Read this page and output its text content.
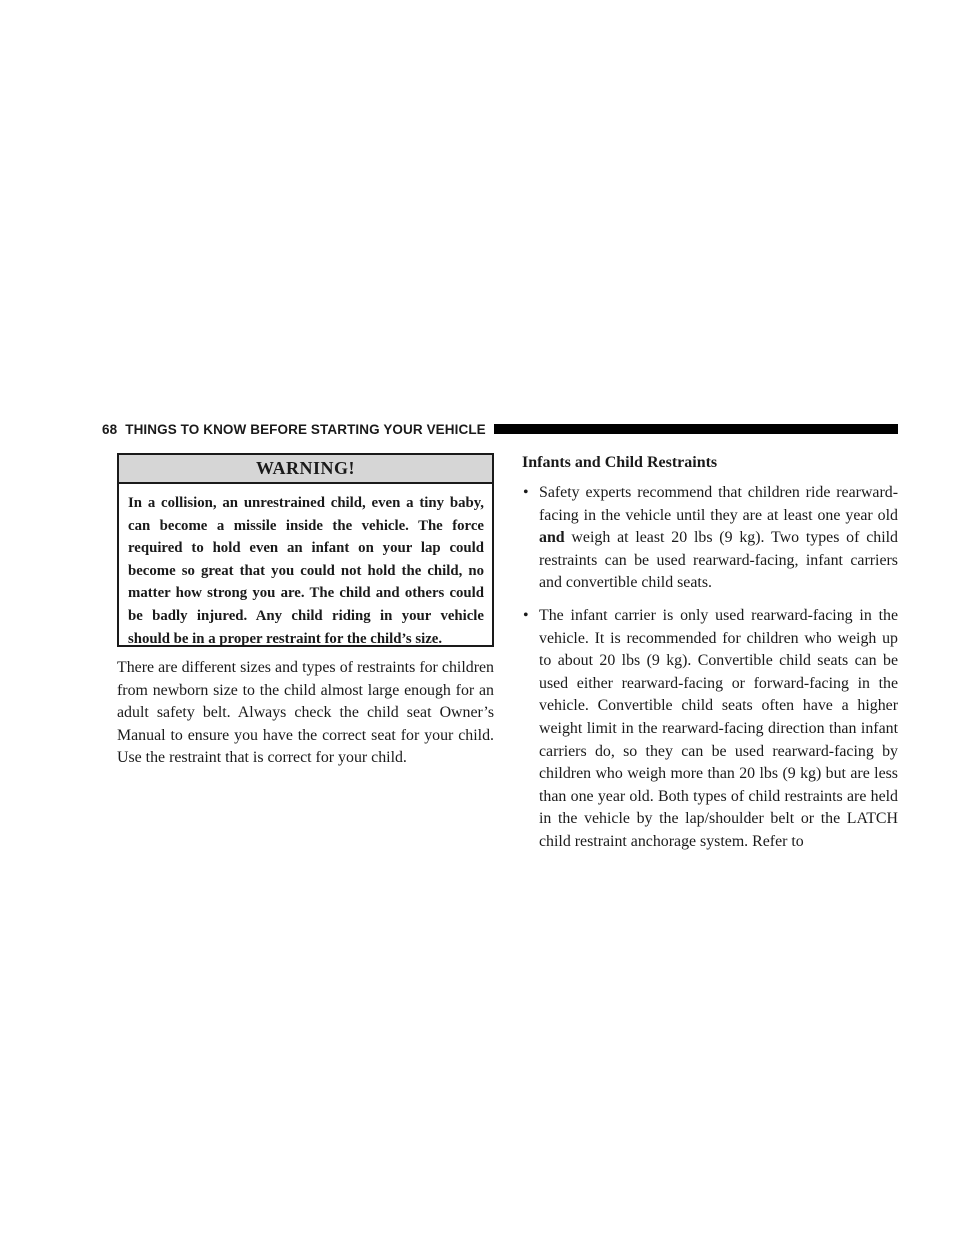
68 THINGS TO KNOW BEFORE STARTING YOUR VEHICLE
WARNING!
In a collision, an unrestrained child, even a tiny baby, can become a missile inside the vehicle. The force required to hold even an infant on your lap could become so great that you could not hold the child, no matter how strong you are. The child and others could be badly injured. Any child riding in your vehicle should be in a proper restraint for the child’s size.
There are different sizes and types of restraints for children from newborn size to the child almost large enough for an adult safety belt. Always check the child seat Owner’s Manual to ensure you have the correct seat for your child. Use the restraint that is correct for your child.
Infants and Child Restraints
• Safety experts recommend that children ride rearward-facing in the vehicle until they are at least one year old and weigh at least 20 lbs (9 kg). Two types of child restraints can be used rearward-facing, infant carriers and convertible child seats.
• The infant carrier is only used rearward-facing in the vehicle. It is recommended for children who weigh up to about 20 lbs (9 kg). Convertible child seats can be used either rearward-facing or forward-facing in the vehicle. Convertible child seats often have a higher weight limit in the rearward-facing direction than infant carriers do, so they can be used rearward-facing by children who weigh more than 20 lbs (9 kg) but are less than one year old. Both types of child restraints are held in the vehicle by the lap/shoulder belt or the LATCH child restraint anchorage system. Refer to
